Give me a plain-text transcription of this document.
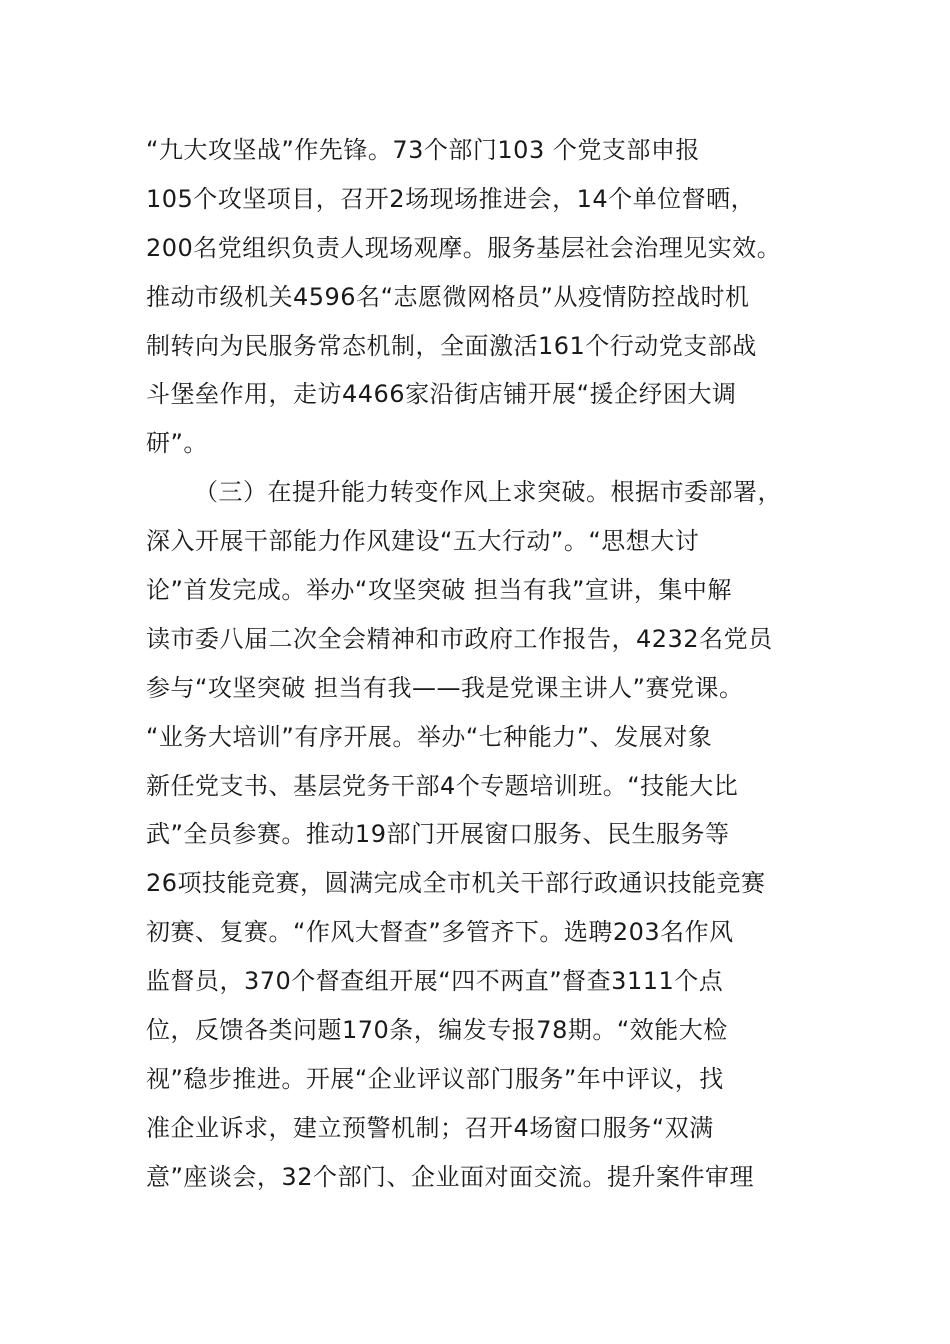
“九大攻坚战”作先锋。73个部门103 个党支部申报
105个攻坚项目，召开2场现场推进会，14个单位督晒，
200名党组织负责人现场观摩。服务基层社会治理见实效。
推动市级机关4596名“志愿微网格员”从疫情防控战时机
制转向为民服务常态机制，全面激活161个行动党支部战
斗堡垒作用，走访4466家沿街店铺开展“援企纾困大调
研”。
（三）在提升能力转变作风上求突破。根据市委部署，
深入开展干部能力作风建设“五大行动”。“思想大讨
论”首发完成。举办“攻坚突破 担当有我”宣讲，集中解
读市委八届二次全会精神和市政府工作报告，4232名党员
参与“攻坚突破 担当有我——我是党课主讲人”赛党课。
“业务大培训”有序开展。举办“七种能力”、发展对象
新任党支书、基层党务干部4个专题培训班。“技能大比
武”全员参赛。推动19部门开展窗口服务、民生服务等
26项技能竞赛，圆满完成全市机关干部行政通识技能竞赛
初赛、复赛。“作风大督查”多管齐下。选聘203名作风
监督员，370个督查组开展“四不两直”督查3111个点
位，反馈各类问题170条，编发专报78期。“效能大检
视”稳步推进。开展“企业评议部门服务”年中评议，找
准企业诉求，建立预警机制；召开4场窗口服务“双满
意”座谈会，32个部门、企业面对面交流。提升案件审理
